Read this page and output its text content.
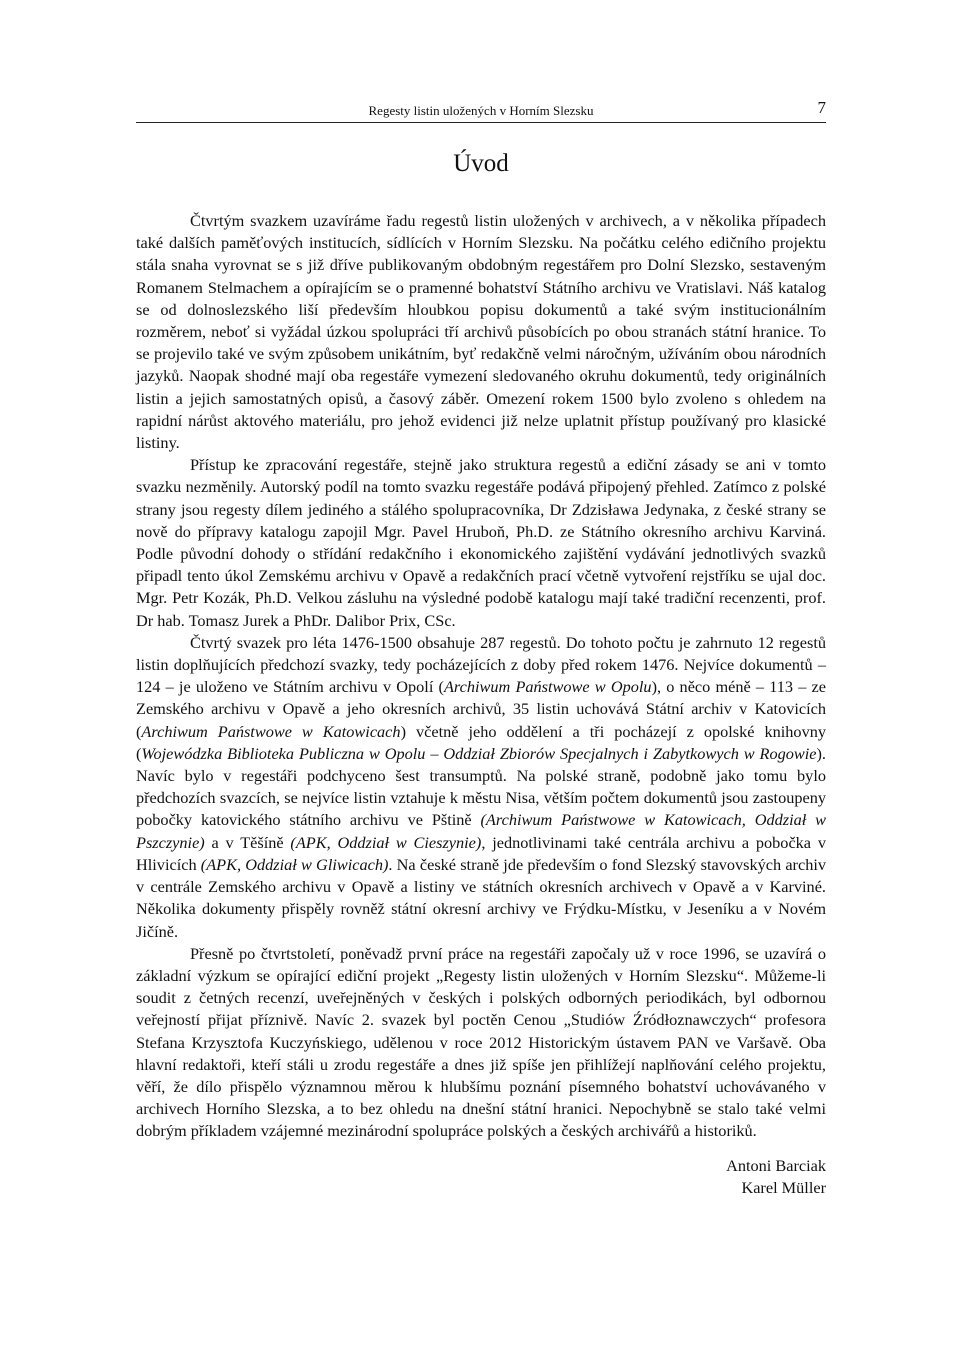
Regesty listin uložených v Horním Slezsku	7
Úvod

Čtvrtým svazkem uzavíráme řadu regestů listin uložených v archivech, a v několika případech také dalších paměťových institucích, sídlících v Horním Slezsku. Na počátku celého edičního projektu stála snaha vyrovnat se s již dříve publikovaným obdobným regestářem pro Dolní Slezsko, sestaveným Romanem Stelmachem a opírajícím se o pramenné bohatství Státního archivu ve Vratislavi. Náš katalog se od dolnoslezského liší především hloubkou popisu dokumentů a také svým institucionálním rozměrem, neboť si vyžádal úzkou spolupráci tří archivů působících po obou stranách státní hranice. To se projevilo také ve svým způsobem unikátním, byť redakčně velmi náročným, užíváním obou národních jazyků. Naopak shodné mají oba regestáře vymezení sledovaného okruhu dokumentů, tedy originálních listin a jejich samostatných opisů, a časový záběr. Omezení rokem 1500 bylo zvoleno s ohledem na rapidní nárůst aktového materiálu, pro jehož evidenci již nelze uplatnit přístup používaný pro klasické listiny.

Přístup ke zpracování regestáře, stejně jako struktura regestů a ediční zásady se ani v tomto svazku nezměnily. Autorský podíl na tomto svazku regestáře podává připojený přehled. Zatímco z polské strany jsou regesty dílem jediného a stálého spolupracovníka, Dr Zdzisława Jedynaka, z české strany se nově do přípravy katalogu zapojil Mgr. Pavel Hruboň, Ph.D. ze Státního okresního archivu Karviná. Podle původní dohody o střídání redakčního i ekonomického zajištění vydávání jednotlivých svazků připadl tento úkol Zemskému archivu v Opavě a redakčních prací včetně vytvoření rejstříku se ujal doc. Mgr. Petr Kozák, Ph.D. Velkou zásluhu na výsledné podobě katalogu mají také tradiční recenzenti, prof. Dr hab. Tomasz Jurek a PhDr. Dalibor Prix, CSc.

Čtvrtý svazek pro léta 1476-1500 obsahuje 287 regestů. Do tohoto počtu je zahrnuto 12 regestů listin doplňujících předchozí svazky, tedy pocházejících z doby před rokem 1476. Nejvíce dokumentů – 124 – je uloženo ve Státním archivu v Opolí (Archiwum Państwowe w Opolu), o něco méně – 113 – ze Zemského archivu v Opavě a jeho okresních archivů, 35 listin uchovává Státní archiv v Katovicích (Archiwum Państwowe w Katowicach) včetně jeho oddělení a tři pocházejí z opolské knihovny (Wojewódzka Biblioteka Publiczna w Opolu – Oddział Zbiorów Specjalnych i Zabytkowych w Rogowie). Navíc bylo v regestáři podchyceno šest transumptů. Na polské straně, podobně jako tomu bylo předchozích svazcích, se nejvíce listin vztahuje k městu Nisa, větším počtem dokumentů jsou zastoupeny pobočky katovického státního archivu ve Pštině (Archiwum Państwowe w Katowicach, Oddział w Pszczynie) a v Těšíně (APK, Oddział w Cieszynie), jednotlivinami také centrála archivu a pobočka v Hlivicích (APK, Oddział w Gliwicach). Na české straně jde především o fond Slezský stavovských archiv v centrále Zemského archivu v Opavě a listiny ve státních okresních archivech v Opavě a v Karviné. Několika dokumenty přispěly rovněž státní okresní archivy ve Frýdku-Místku, v Jeseníku a v Novém Jičíně.

Přesně po čtvrtstoletí, poněvadž první práce na regestáři započaly už v roce 1996, se uzavírá o základní výzkum se opírající ediční projekt „Regesty listin uložených v Horním Slezsku“. Můžeme-li soudit z četných recenzí, uveřejněných v českých i polských odborných periodikách, byl odbornou veřejností přijat příznivě. Navíc 2. svazek byl poctěn Cenou „Studiów Źródłoznawczych“ profesora Stefana Krzysztofa Kuczyńskiego, udělenou v roce 2012 Historickým ústavem PAN ve Varšavě. Oba hlavní redaktoři, kteří stáli u zrodu regestáře a dnes již spíše jen přihlížejí naplňování celého projektu, věří, že dílo přispělo významnou měrou k hlubšímu poznání písemného bohatství uchovávaného v archivech Horního Slezska, a to bez ohledu na dnešní státní hranici. Nepochybně se stalo také velmi dobrým příkladem vzájemné mezinárodní spolupráce polských a českých archivářů a historiků.

Antoni Barciak
Karel Müller
